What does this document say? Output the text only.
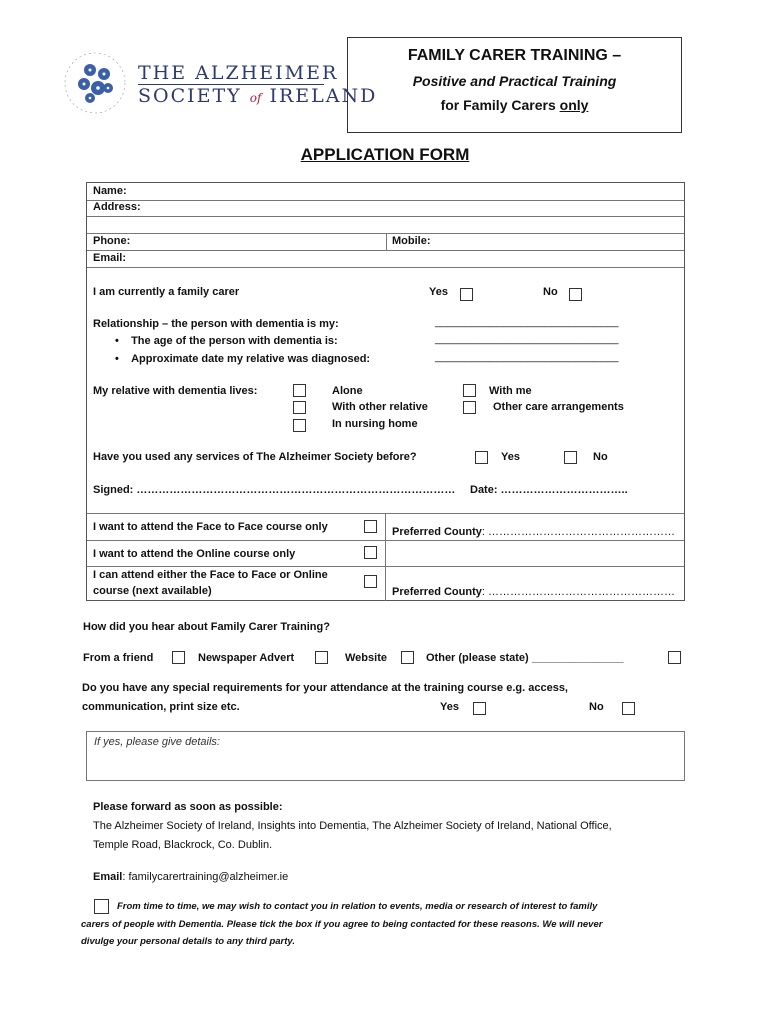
THE ALZHEIMER
SOCIETY of IRELAND
FAMILY CARER TRAINING –
Positive and Practical Training
for Family Carers only
APPLICATION FORM
Name:
Address:
Phone:	Mobile:
Email:
I am currently a family carer	Yes	No
Relationship – the person with dementia is my:	______________________________
•    The age of the person with dementia is:	______________________________
•    Approximate date my relative was diagnosed:	______________________________
My relative with dementia lives:	Alone	With me
With other relative	Other care arrangements
In nursing home
Have you used any services of The Alzheimer Society before?	Yes	No
Signed: …………………………………………………………………………… Date: ……………………………..
I want to attend the Face to Face course only	Preferred County: ……………………………………………
I want to attend the Online course only
I can attend either the Face to Face or Online
course (next available)	Preferred County: ……………………………………………
How did you hear about Family Carer Training?
From a friend	Newspaper Advert	Website	Other (please state) _______________
Do you have any special requirements for your attendance at the training course e.g. access,
communication, print size etc.	Yes	No
If yes, please give details:
Please forward as soon as possible:
The Alzheimer Society of Ireland, Insights into Dementia, The Alzheimer Society of Ireland, National Office,
Temple Road, Blackrock, Co. Dublin.
Email: familycarertraining@alzheimer.ie
From time to time, we may wish to contact you in relation to events, media or research of interest to family
carers of people with Dementia. Please tick the box if you agree to being contacted for these reasons. We will never
divulge your personal details to any third party.
